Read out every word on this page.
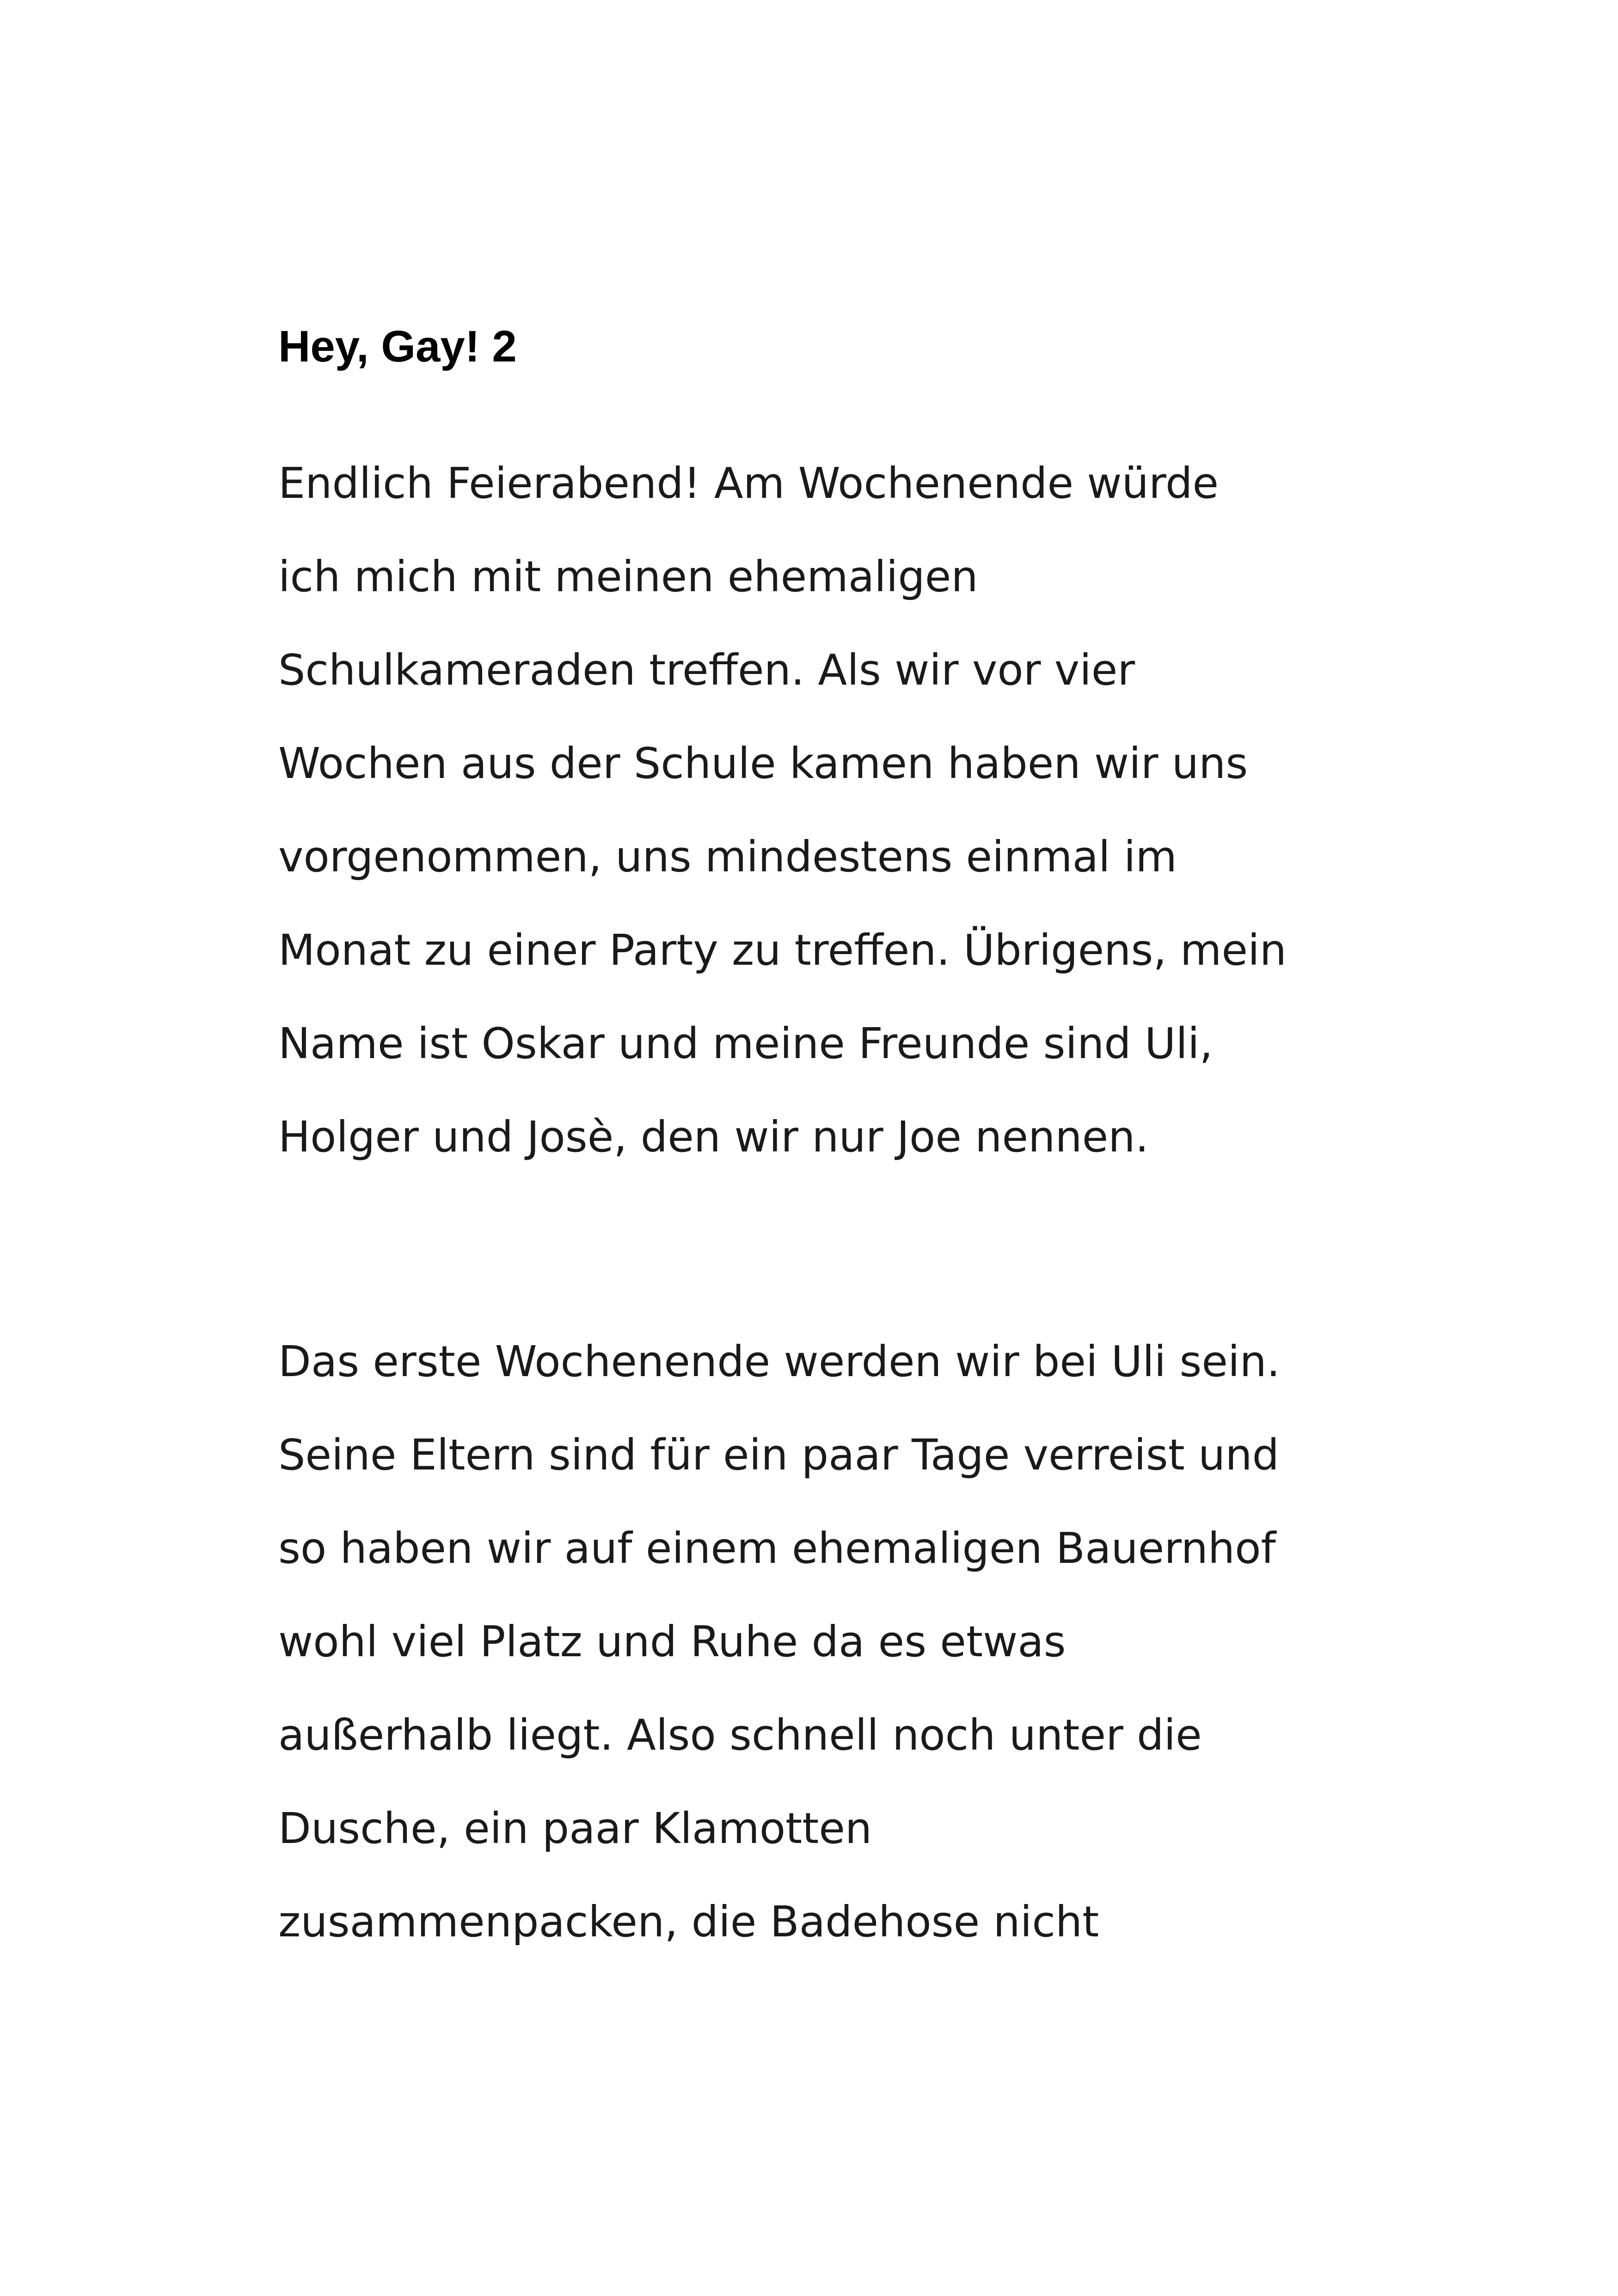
Hey, Gay! 2
Endlich Feierabend! Am Wochenende würde
ich mich mit meinen ehemaligen
Schulkameraden treffen. Als wir vor vier
Wochen aus der Schule kamen haben wir uns
vorgenommen, uns mindestens einmal im
Monat zu einer Party zu treffen. Übrigens, mein
Name ist Oskar und meine Freunde sind Uli,
Holger und Josè, den wir nur Joe nennen.
Das erste Wochenende werden wir bei Uli sein.
Seine Eltern sind für ein paar Tage verreist und
so haben wir auf einem ehemaligen Bauernhof
wohl viel Platz und Ruhe da es etwas
außerhalb liegt. Also schnell noch unter die
Dusche, ein paar Klamotten
zusammenpacken, die Badehose nicht
